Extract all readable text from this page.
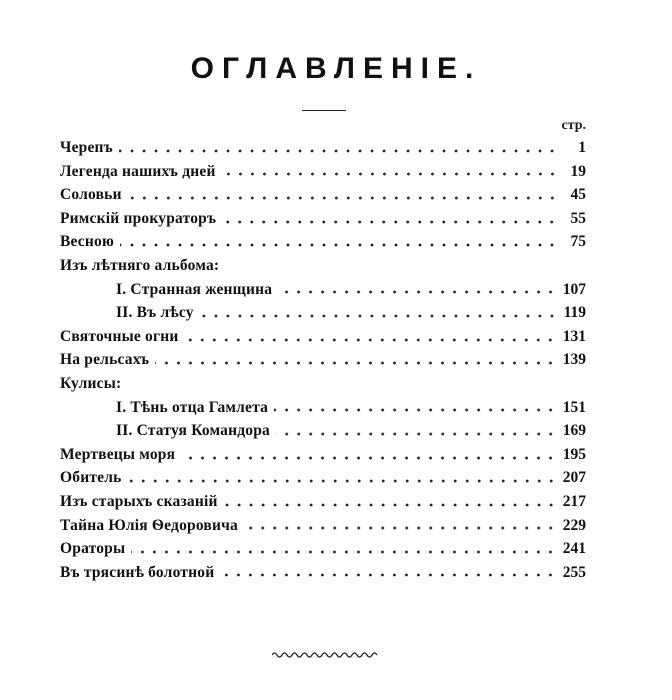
ОГЛАВЛЕНІЕ.
стр.
Черепъ	1
Легенда нашихъ дней	19
Соловьи	45
Римскій прокураторъ	55
Весною	75
Изъ лѣтняго альбома:
I. Странная женщина	107
II. Въ лѣсу	119
Святочные огни	131
На рельсахъ	139
Кулисы:
I. Тѣнь отца Гамлета	151
II. Статуя Командора	169
Мертвецы моря	195
Обитель	207
Изъ старыхъ сказаній	217
Тайна Юлія Ѳедоровича	229
Ораторы	241
Въ трясинѣ болотной	255
